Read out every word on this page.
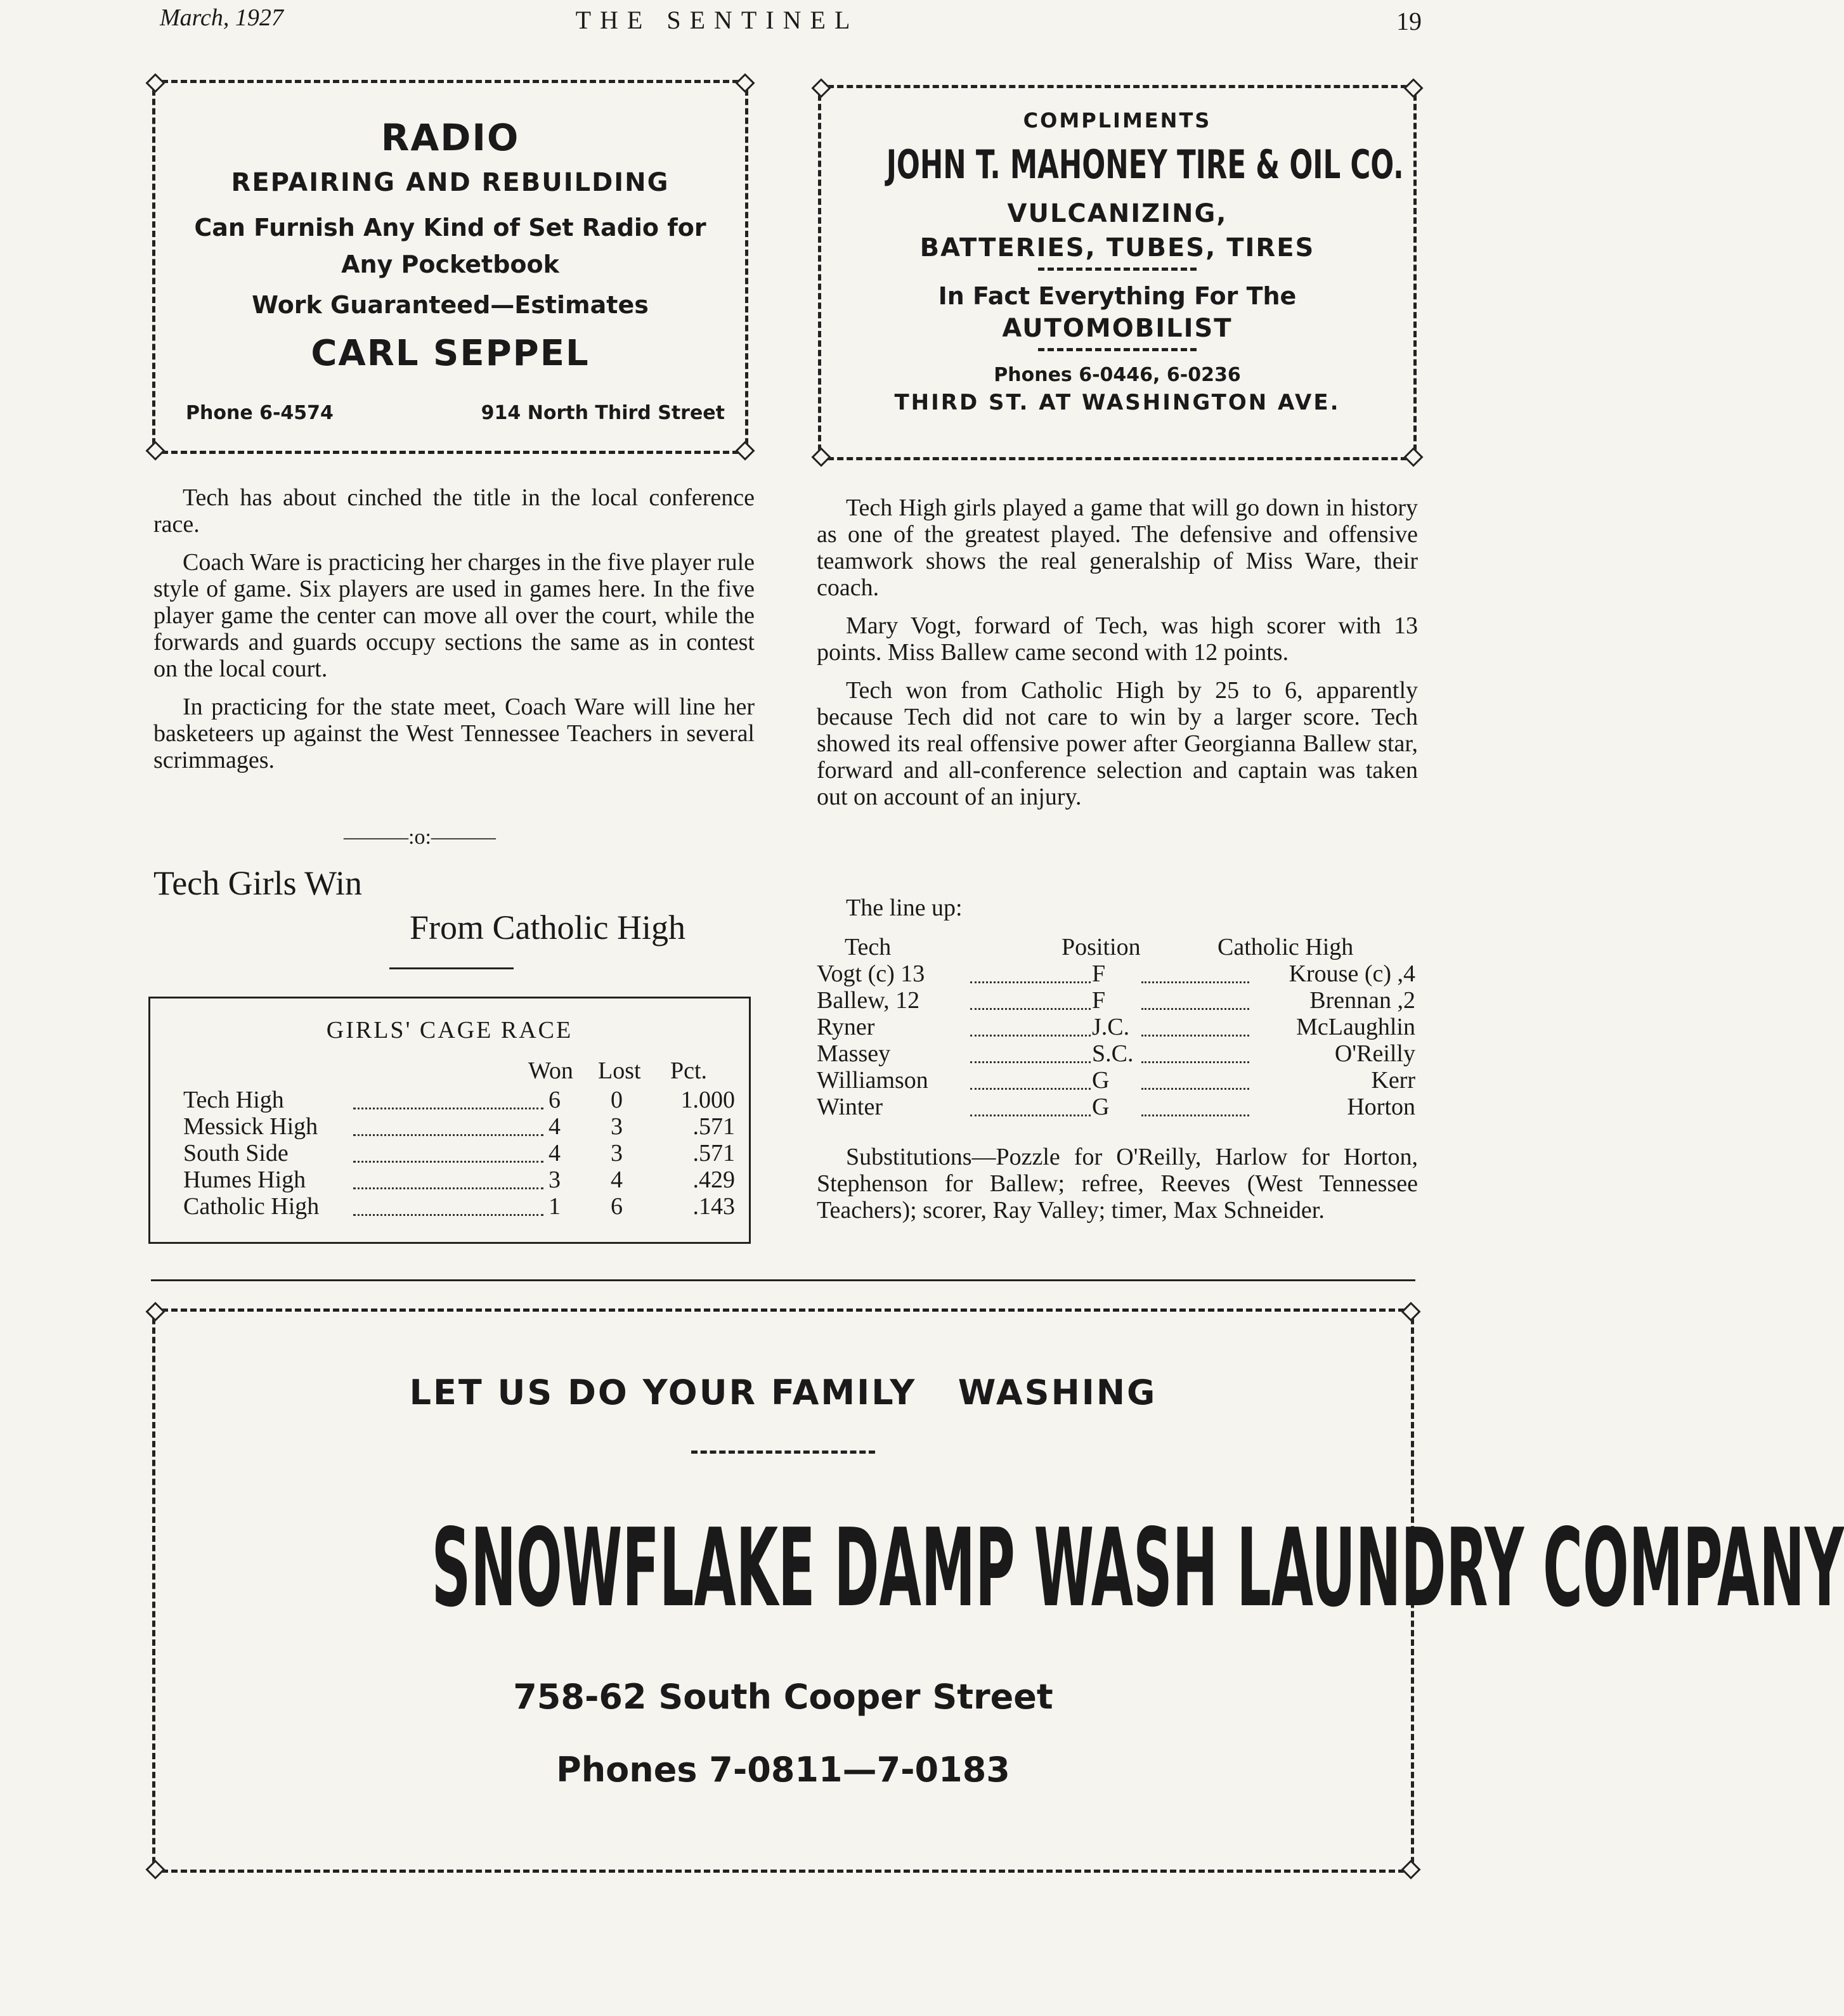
March, 1927	THE SENTINEL	19
RADIO
REPAIRING AND REBUILDING
Can Furnish Any Kind of Set Radio for
Any Pocketbook
Work Guaranteed—Estimates
CARL SEPPEL
Phone 6-4574	914 North Third Street
COMPLIMENTS
JOHN T. MAHONEY TIRE & OIL CO.
VULCANIZING,
BATTERIES, TUBES, TIRES
In Fact Everything For The
AUTOMOBILIST
Phones 6-0446, 6-0236
THIRD ST. AT WASHINGTON AVE.

Tech has about cinched the title in the local conference race.

Coach Ware is practicing her charges in the five player rule style of game. Six players are used in games here. In the five player game the center can move all over the court, while the forwards and guards occupy sections the same as in contest on the local court.

In practicing for the state meet, Coach Ware will line her basketeers up against the West Tennessee Teachers in several scrimmages.

———:o:———
Tech Girls Win
From Catholic High
GIRLS' CAGE RACE
Won Lost Pct.
Tech High	6 0	1.000
Messick High	4 3	.571
South Side	4 3	.571
Humes High	3 4	.429
Catholic High	1 6	.143

Tech High girls played a game that will go down in history as one of the greatest played. The defensive and offensive teamwork shows the real generalship of Miss Ware, their coach.

Mary Vogt, forward of Tech, was high scorer with 13 points. Miss Ballew came second with 12 points.

Tech won from Catholic High by 25 to 6, apparently because Tech did not care to win by a larger score. Tech showed its real offensive power after Georgianna Ballew star, forward and all-conference selection and captain was taken out on account of an injury.

The line up:
Tech	Position	Catholic High
Vogt (c) 13	F	Krouse (c) ,4
Ballew, 12	F	Brennan ,2
Ryner	J.C.	McLaughlin
Massey	S.C.	O'Reilly
Williamson	G	Kerr
Winter	G	Horton

Substitutions—Pozzle for O'Reilly, Harlow for Horton, Stephenson for Ballew; refree, Reeves (West Tennessee Teachers); scorer, Ray Valley; timer, Max Schneider.

LET US DO YOUR FAMILY   WASHING
SNOWFLAKE DAMP WASH LAUNDRY COMPANY
758-62 South Cooper Street
Phones 7-0811—7-0183
